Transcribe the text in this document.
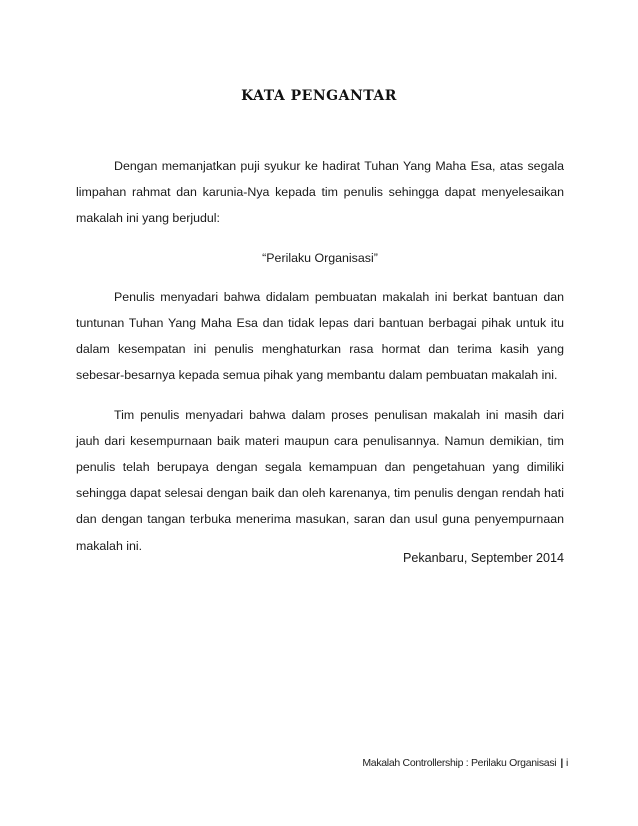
KATA PENGANTAR

Dengan memanjatkan puji syukur ke hadirat Tuhan Yang Maha Esa, atas segala limpahan rahmat dan karunia-Nya kepada tim penulis sehingga dapat menyelesaikan makalah ini yang berjudul:

“Perilaku Organisasi”

Penulis menyadari bahwa didalam pembuatan makalah ini berkat bantuan dan tuntunan Tuhan Yang Maha Esa dan tidak lepas dari bantuan berbagai pihak untuk itu dalam kesempatan ini penulis menghaturkan rasa hormat dan terima kasih yang sebesar-besarnya kepada semua pihak yang membantu dalam pembuatan makalah ini.

Tim penulis menyadari bahwa dalam proses penulisan makalah ini masih dari jauh dari kesempurnaan baik materi maupun cara penulisannya. Namun demikian, tim penulis telah berupaya dengan segala kemampuan dan pengetahuan yang dimiliki sehingga dapat selesai dengan baik dan oleh karenanya, tim penulis dengan rendah hati dan dengan tangan terbuka menerima masukan, saran dan usul guna penyempurnaan makalah ini.

Pekanbaru, September 2014
Makalah Controllership : Perilaku Organisasi | i
